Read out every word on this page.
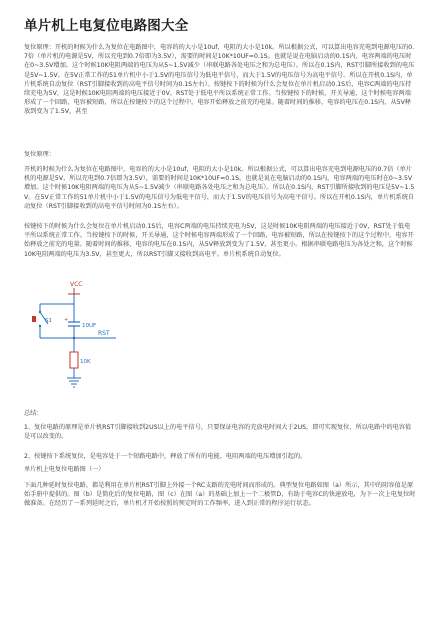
单片机上电复位电路图大全
复位原理：开机的时候为什么为复位在电路图中，电容的的大小是10uf，电阻的大小是10k。所以根据公式，可以算出电容充电到电源电压的0.7倍（单片机的电源是5V，所以充电到0.7倍即为3.5V），需要的时间是10K*10UF=0.1S。也就是说在电脑启动的0.1S内，电容两端的电压时在0~3.5V增加。这个时候10K电阻两端的电压为从5~1.5V减少（串联电路各处电压之和为总电压）。所以在0.1S内，RST引脚所接收到的电压是5V~1.5V。在5V正常工作的51单片机中小于1.5V的电压信号为低电平信号，而大于1.5V的电压信号为高电平信号。所以在开机0.1S内，单片机系统自动复位（RST引脚接收到的高电平信号时间为0.1S左右）。按键按下的时候为什么会复位在单片机启动0.1S后，电容C两端的电压持续充电为5V，这是时候10K电阻两端的电压接近于0V，RST处于低电平所以系统正常工作。当按键按下的时候，开关导通，这个时候电容两端形成了一个回路，电容被短路，所以在按键按下的这个过程中，电容开始释放之前充的电量。随着时间的推移，电容的电压在0.1S内，从5V释放到变为了1.5V，甚至
复位原理：
开机的时候为什么为复位在电路图中，电容的的大小是10uf，电阻的大小是10k。所以根据公式，可以算出电容充电到电源电压的0.7倍（单片机的电源是5V，所以充电到0.7倍即为3.5V），需要的时间是10K*10UF=0.1S。也就是说在电脑启动的0.1S内，电容两端的电压时在0~3.5V增加。这个时候10K电阻两端的电压为从5~1.5V减少（串联电路各处电压之和为总电压）。所以在0.1S内，RST引脚所接收到的电压是5V~1.5V。在5V正常工作的51单片机中小于1.5V的电压信号为低电平信号，而大于1.5V的电压信号为高电平信号。所以在开机0.1S内，单片机系统自动复位（RST引脚接收到的高电平信号时间为0.1S左右）。
按键按下的时候为什么会复位在单片机启动0.1S后，电容C两端的电压持续充电为5V，这是时候10K电阻两端的电压接近于0V，RST处于低电平所以系统正常工作。当按键按下的时候，开关导通，这个时候电容两端形成了一个回路，电容被短路，所以在按键按下的这个过程中，电容开始释放之前充的电量。随着时间的推移，电容的电压在0.1S内，从5V释放到变为了1.5V，甚至更小。根据串联电路电压为各处之和，这个时候10K电阻两端的电压为3.5V，甚至更大，所以RST引脚又接收到高电平。单片机系统自动复位。
VCC
S1 +
10UF
RST
10K
总结：
1、复位电路的原理是单片机RST引脚接收到2US以上的电平信号，只要保证电容的充放电时间大于2US，即可实现复位，所以电路中的电容值是可以改变的。
2、按键按下系统复位，是电容处于一个短路电路中，释放了所有的电能，电阻两端的电压增加引起的。
单片机上电复位电路图（一）
下面几种延时复位电路，都是利用在单片机RST引脚上外接一个RC支路的充电时间而形成的。典型复位电路如图（a）所示，其中的阻容值是原始手册中提供的。图（b）是简化后的复位电路，图（c）在图（a）的基础上加上一个二极管D，有助于电容C的快速放电，为下一次上电复位时做准备。在经历了一系列延时之后，单片机才开始按照的预定时的工作频率，进入到正常的程序运行状态。
